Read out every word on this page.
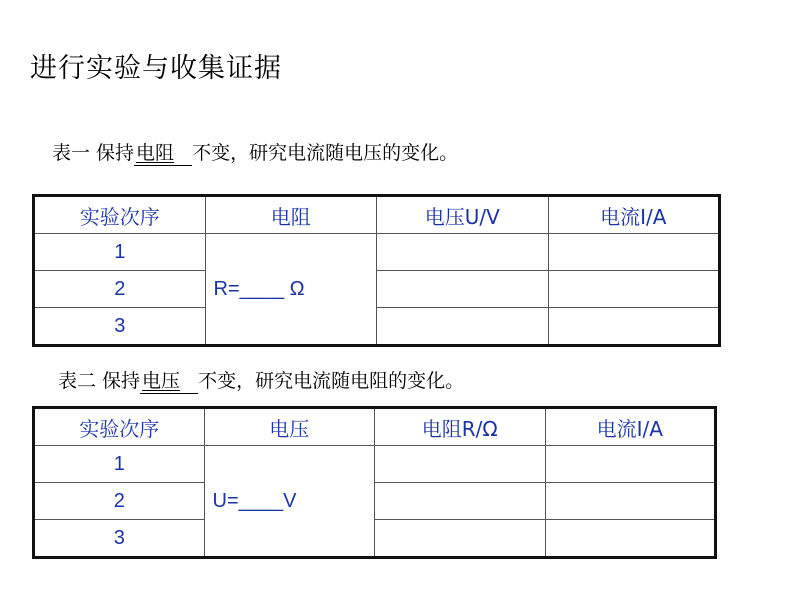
进行实验与收集证据
表一 保持 电阻 不变，研究电流随电压的变化。
实验次序	电阻	电压U/V	电流I/A
1	R=____ Ω		
2			
3			
表二 保持 电压 不变，研究电流随电阻的变化。
实验次序	电压	电阻R/Ω	电流I/A
1	U=____V		
2			
3			
